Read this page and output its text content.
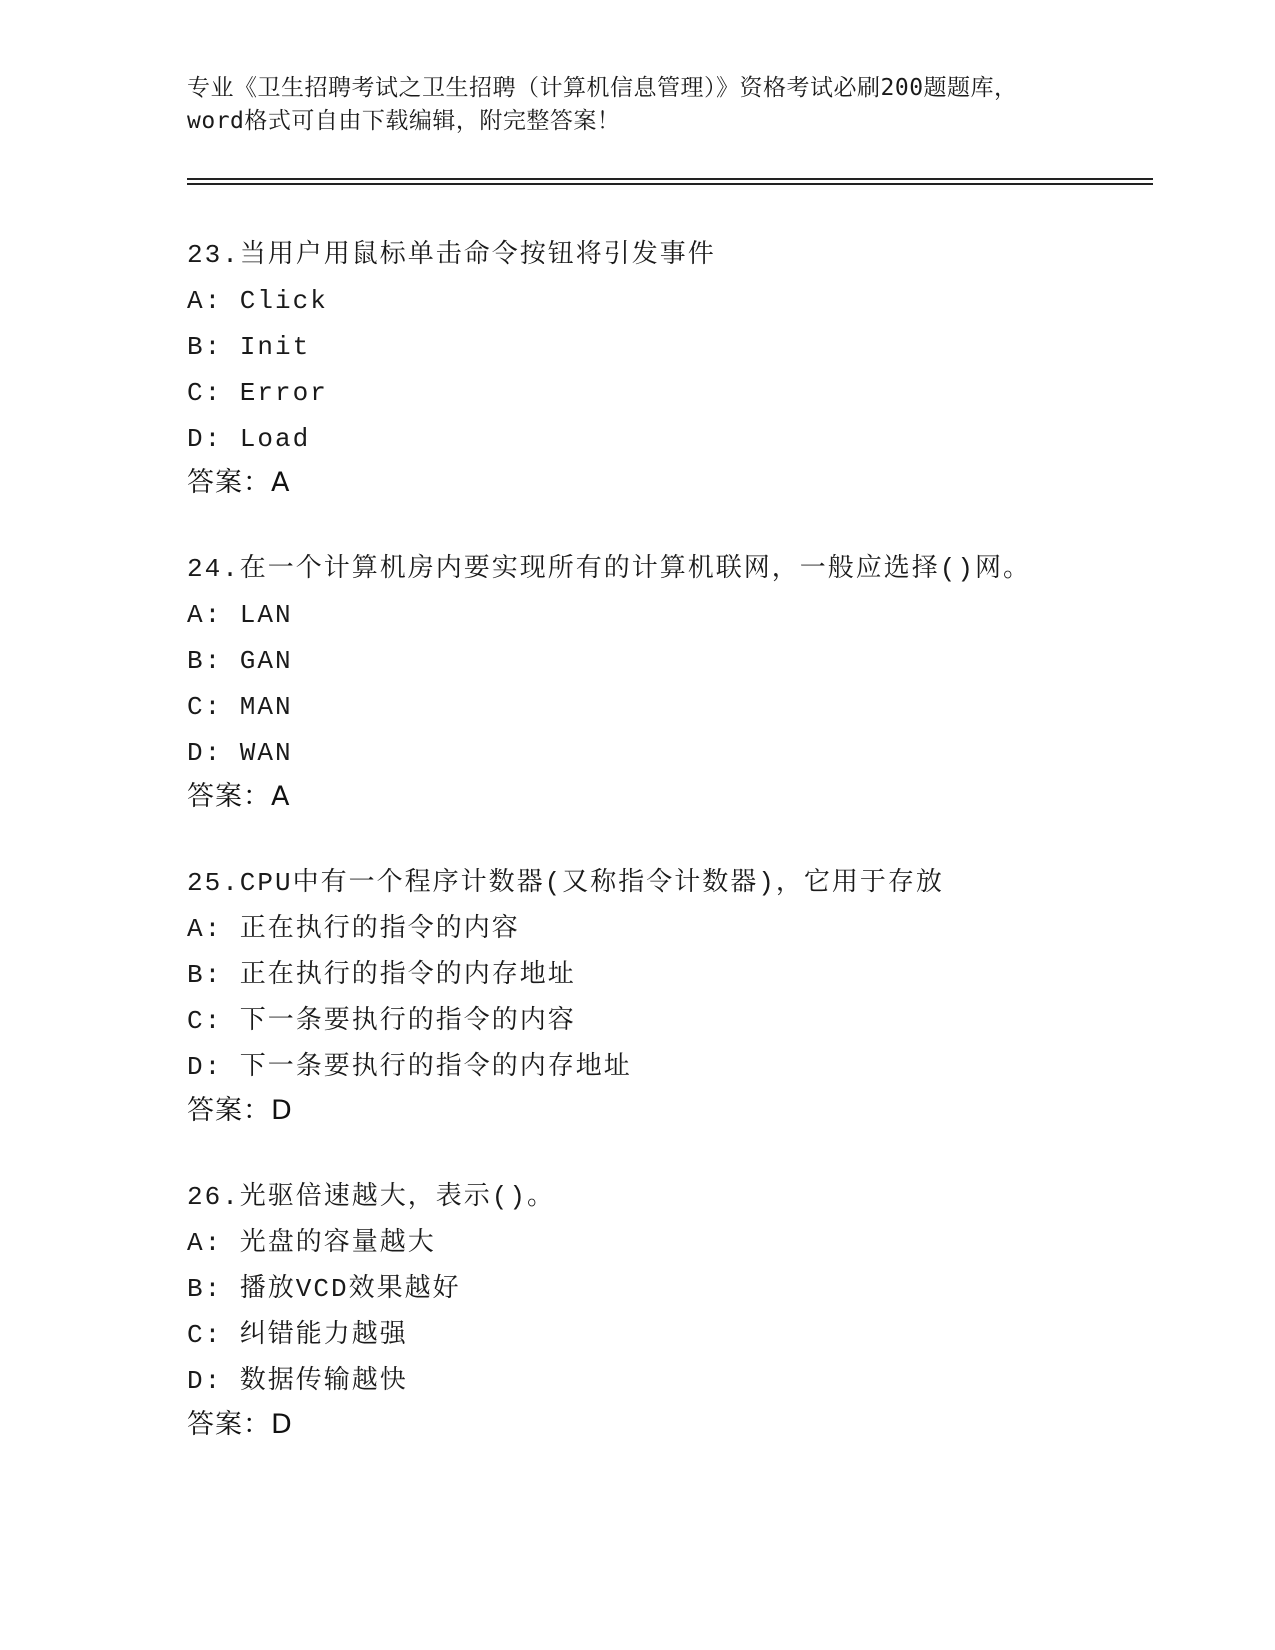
专业《卫生招聘考试之卫生招聘（计算机信息管理）》资格考试必刷200题题库，
word格式可自由下载编辑，附完整答案！
23.当用户用鼠标单击命令按钮将引发事件
A: Click
B: Init
C: Error
D: Load
答案：A
24.在一个计算机房内要实现所有的计算机联网，一般应选择()网。
A: LAN
B: GAN
C: MAN
D: WAN
答案：A
25.CPU中有一个程序计数器(又称指令计数器)，它用于存放
A: 正在执行的指令的内容
B: 正在执行的指令的内存地址
C: 下一条要执行的指令的内容
D: 下一条要执行的指令的内存地址
答案：D
26.光驱倍速越大，表示()。
A: 光盘的容量越大
B: 播放VCD效果越好
C: 纠错能力越强
D: 数据传输越快
答案：D
